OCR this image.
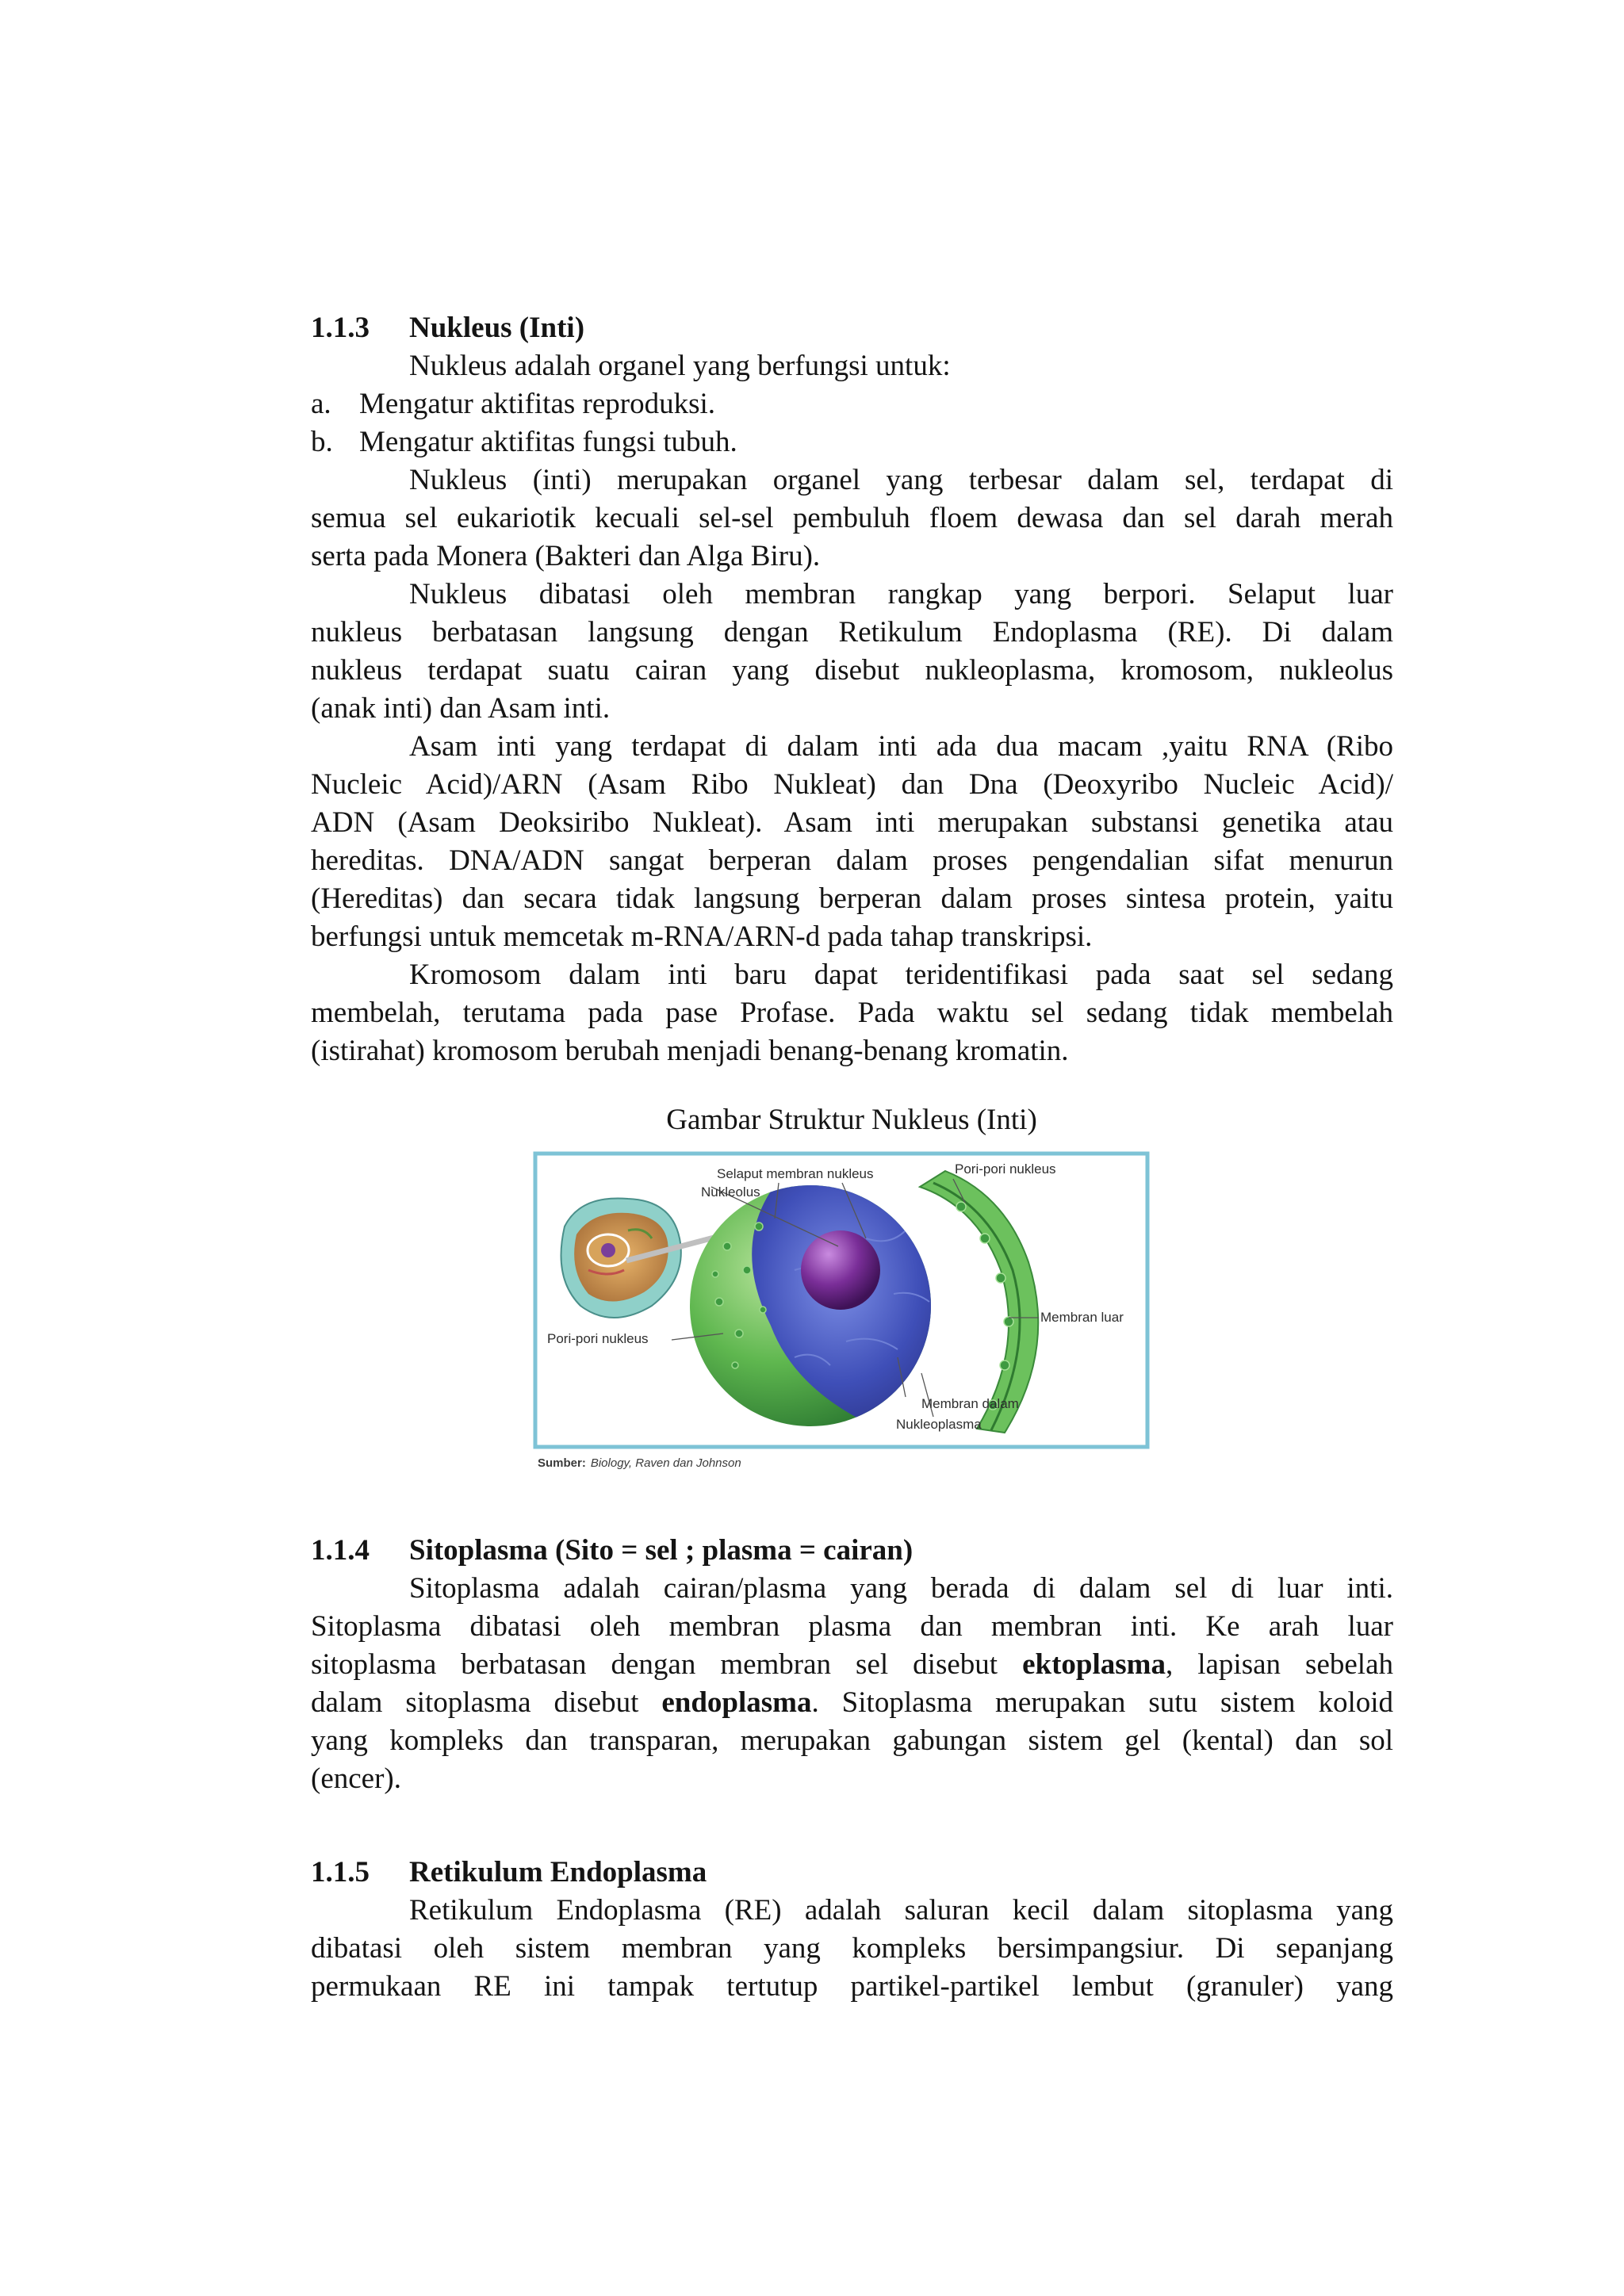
1.1.3 Nukleus (Inti)
Nukleus adalah organel yang berfungsi untuk:
a. Mengatur aktifitas reproduksi.
b. Mengatur aktifitas fungsi tubuh.
Nukleus (inti) merupakan organel yang terbesar dalam sel, terdapat di
semua sel eukariotik kecuali sel-sel pembuluh floem dewasa dan sel darah merah
serta pada Monera (Bakteri dan Alga Biru).
Nukleus dibatasi oleh membran rangkap yang berpori. Selaput luar
nukleus berbatasan langsung dengan Retikulum Endoplasma (RE). Di dalam
nukleus terdapat suatu cairan yang disebut nukleoplasma, kromosom, nukleolus
(anak inti) dan Asam inti.
Asam inti yang terdapat di dalam inti ada dua macam ,yaitu RNA (Ribo
Nucleic Acid)/ARN (Asam Ribo Nukleat) dan Dna (Deoxyribo Nucleic Acid)/
ADN (Asam Deoksiribo Nukleat). Asam inti merupakan substansi genetika atau
hereditas. DNA/ADN sangat berperan dalam proses pengendalian sifat menurun
(Hereditas) dan secara tidak langsung berperan dalam proses sintesa protein, yaitu
berfungsi untuk memcetak m-RNA/ARN-d pada tahap transkripsi.
Kromosom dalam inti baru dapat teridentifikasi pada saat sel sedang
membelah, terutama pada pase Profase. Pada waktu sel sedang tidak membelah
(istirahat) kromosom berubah menjadi benang-benang kromatin.
Gambar Struktur Nukleus (Inti)
Selaput membran nukleus
Nukleolus
Pori-pori nukleus
Pori-pori nukleus
Membran luar
Membran dalam
Nukleoplasma
Sumber: Biology, Raven dan Johnson
1.1.4 Sitoplasma (Sito = sel ; plasma = cairan)
Sitoplasma adalah cairan/plasma yang berada di dalam sel di luar inti.
Sitoplasma dibatasi oleh membran plasma dan membran inti. Ke arah luar
sitoplasma berbatasan dengan membran sel disebut ektoplasma, lapisan sebelah
dalam sitoplasma disebut endoplasma. Sitoplasma merupakan sutu sistem koloid
yang kompleks dan transparan, merupakan gabungan sistem gel (kental) dan sol
(encer).
1.1.5 Retikulum Endoplasma
Retikulum Endoplasma (RE) adalah saluran kecil dalam sitoplasma yang
dibatasi oleh sistem membran yang kompleks bersimpangsiur. Di sepanjang
permukaan RE ini tampak tertutup partikel-partikel lembut (granuler) yang
